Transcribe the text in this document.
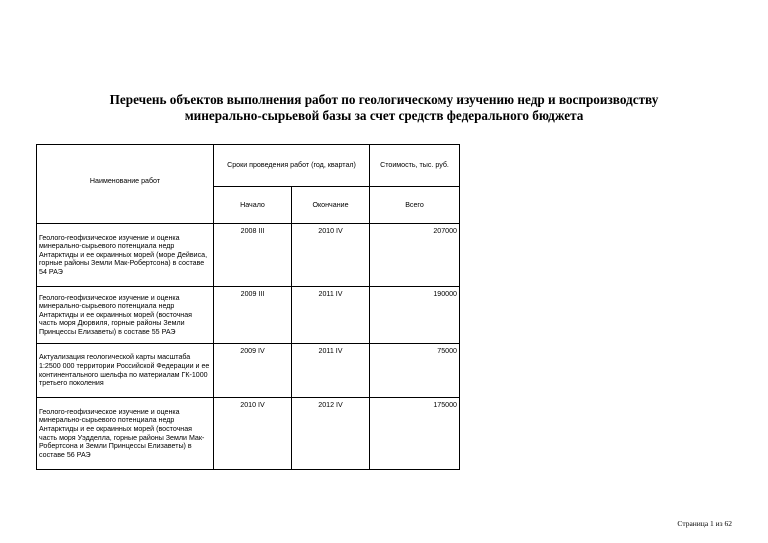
Перечень объектов выполнения работ по геологическому изучению недр и воспроизводству
минерально-сырьевой базы за счет средств федерального бюджета
Наименование работ	Сроки проведения работ (год, квартал)		Стоимость, тыс. руб.
	Начало	Окончание	Всего
Геолого-геофизическое изучение и оценка минерально-сырьевого потенциала недр Антарктиды и ее окраинных морей (море Дейвиса, горные районы Земли Мак-Робертсона) в составе 54 РАЭ	2008 III	2010 IV	207000
Геолого-геофизическое изучение и оценка минерально-сырьевого потенциала недр Антарктиды и ее окраинных морей (восточная часть моря Дюрвиля, горные районы Земли Принцессы Елизаветы) в составе 55 РАЭ	2009 III	2011 IV	190000
Актуализация геологической карты масштаба 1:2500 000 территории Российской Федерации и ее континентального шельфа по материалам ГК-1000 третьего поколения	2009 IV	2011 IV	75000
Геолого-геофизическое изучение и оценка минерально-сырьевого потенциала недр Антарктиды и ее окраинных морей (восточная часть моря Уэдделла, горные районы Земли Мак-Робертсона и Земли Принцессы Елизаветы) в составе 56 РАЭ	2010 IV	2012 IV	175000
Страница 1 из 62
